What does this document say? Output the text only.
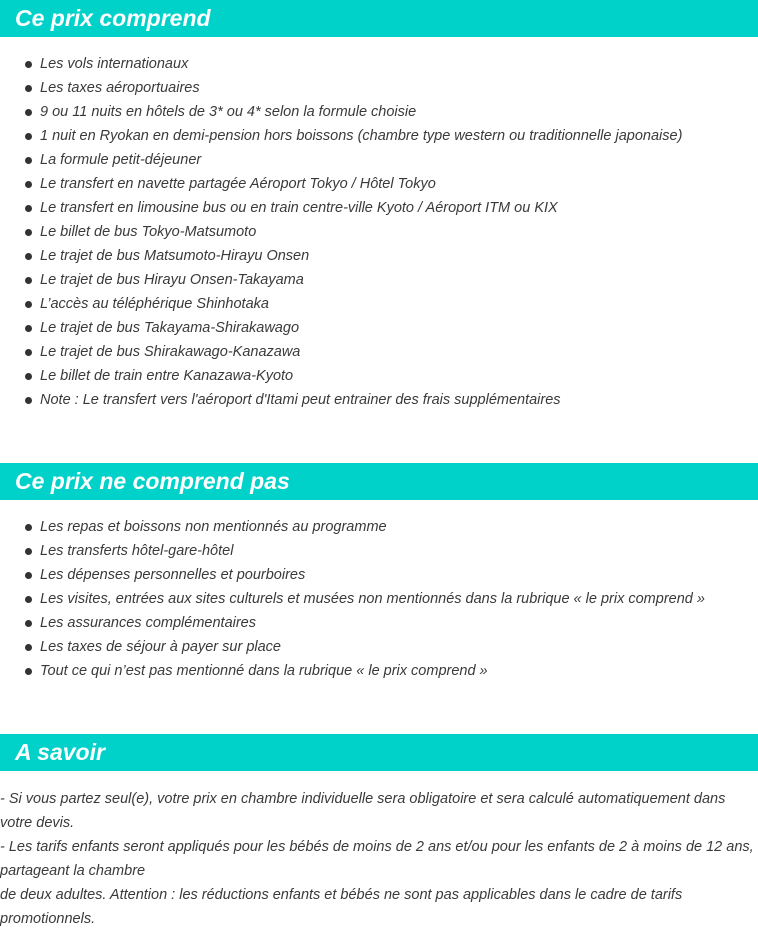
Ce prix comprend
Les vols internationaux
Les taxes aéroportuaires
9 ou 11 nuits en hôtels de 3* ou 4* selon la formule choisie
1 nuit en Ryokan en demi-pension hors boissons (chambre type western ou traditionnelle japonaise)
La formule petit-déjeuner
Le transfert en navette partagée Aéroport Tokyo / Hôtel Tokyo
Le transfert en limousine bus ou en train centre-ville Kyoto / Aéroport ITM ou KIX
Le billet de bus Tokyo-Matsumoto
Le trajet de bus Matsumoto-Hirayu Onsen
Le trajet de bus Hirayu Onsen-Takayama
L’accès au téléphérique Shinhotaka
Le trajet de bus Takayama-Shirakawago
Le trajet de bus Shirakawago-Kanazawa
Le billet de train entre Kanazawa-Kyoto
Note : Le transfert vers l'aéroport d'Itami peut entrainer des frais supplémentaires
Ce prix ne comprend pas
Les repas et boissons non mentionnés au programme
Les transferts hôtel-gare-hôtel
Les dépenses personnelles et pourboires
Les visites, entrées aux sites culturels et musées non mentionnés dans la rubrique « le prix comprend »
Les assurances complémentaires
Les taxes de séjour à payer sur place
Tout ce qui n’est pas mentionné dans la rubrique « le prix comprend »
A savoir

- Si vous partez seul(e), votre prix en chambre individuelle sera obligatoire et sera calculé automatiquement dans votre devis.

- Les tarifs enfants seront appliqués pour les bébés de moins de 2 ans et/ou pour les enfants de 2 à moins de 12 ans, partageant la chambre

de deux adultes. Attention : les réductions enfants et bébés ne sont pas applicables dans le cadre de tarifs promotionnels.
